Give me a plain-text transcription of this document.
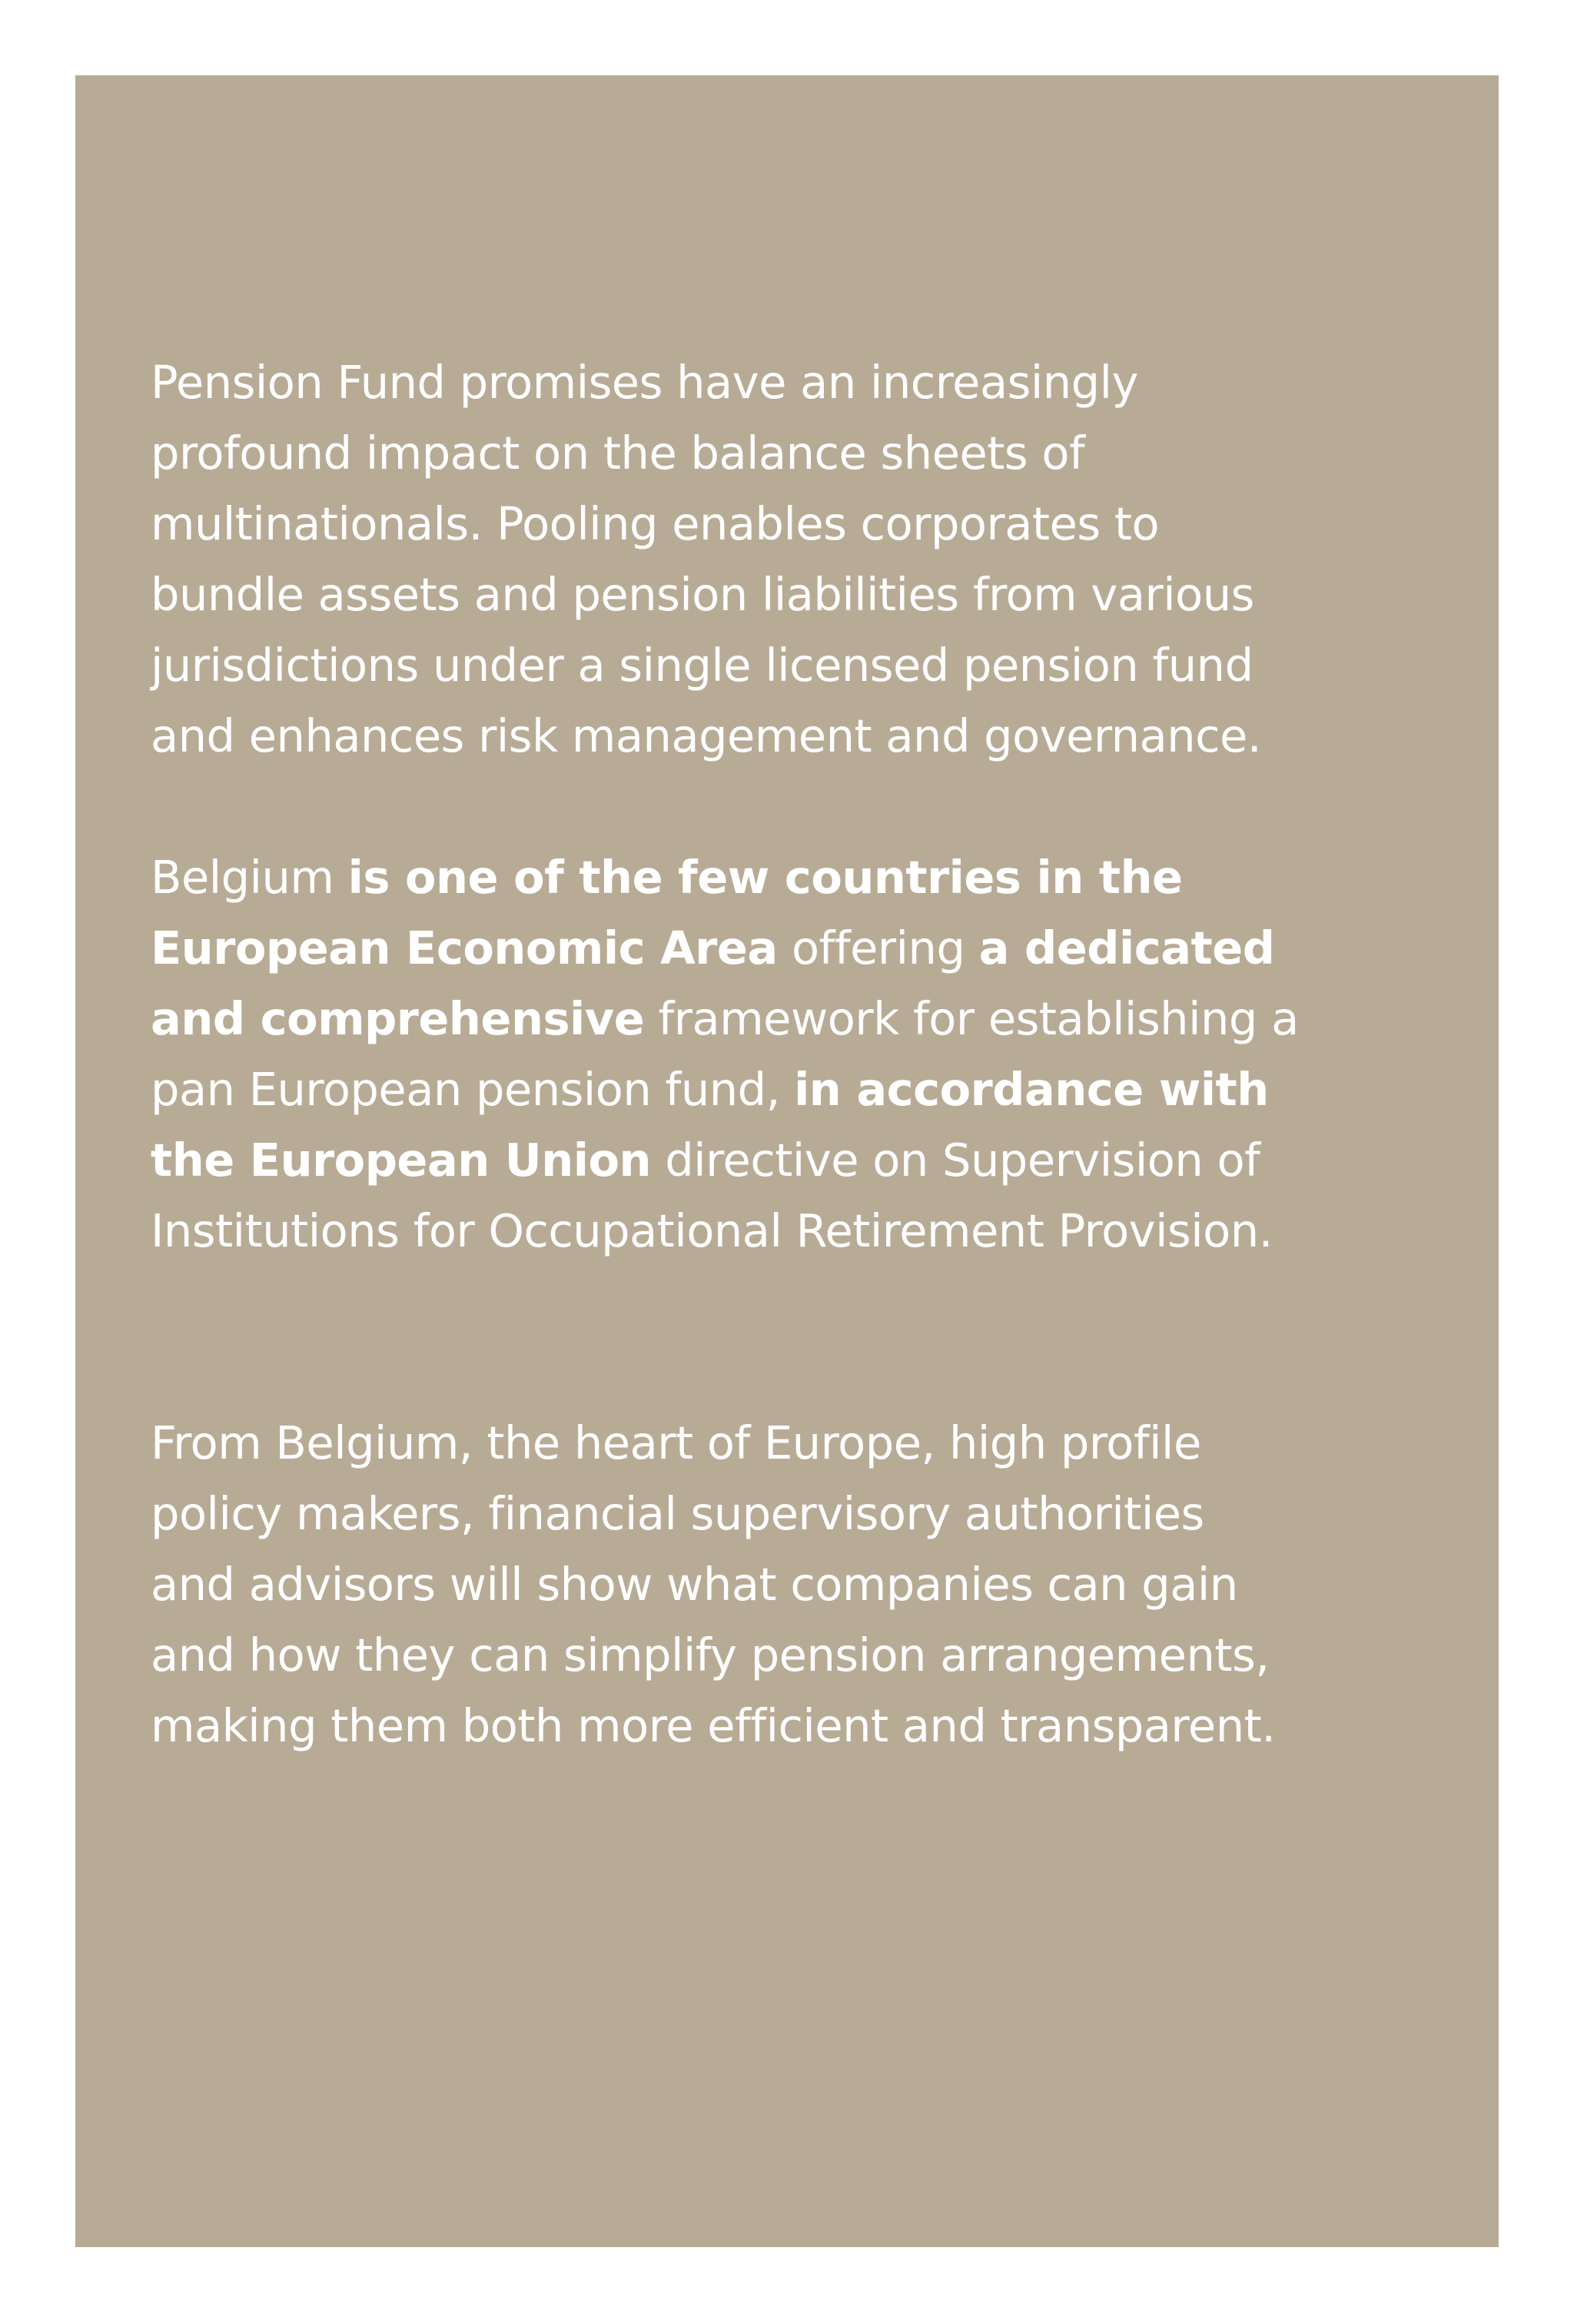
Pension Fund promises have an increasingly
profound impact on the balance sheets of
multinationals. Pooling enables corporates to
bundle assets and pension liabilities from various
jurisdictions under a single licensed pension fund
and enhances risk management and governance.

Belgium is one of the few countries in the
European Economic Area offering a dedicated
and comprehensive framework for establishing a
pan European pension fund, in accordance with
the European Union directive on Supervision of
Institutions for Occupational Retirement Provision.

From Belgium, the heart of Europe, high profile
policy makers, financial supervisory authorities
and advisors will show what companies can gain
and how they can simplify pension arrangements,
making them both more efficient and transparent.
